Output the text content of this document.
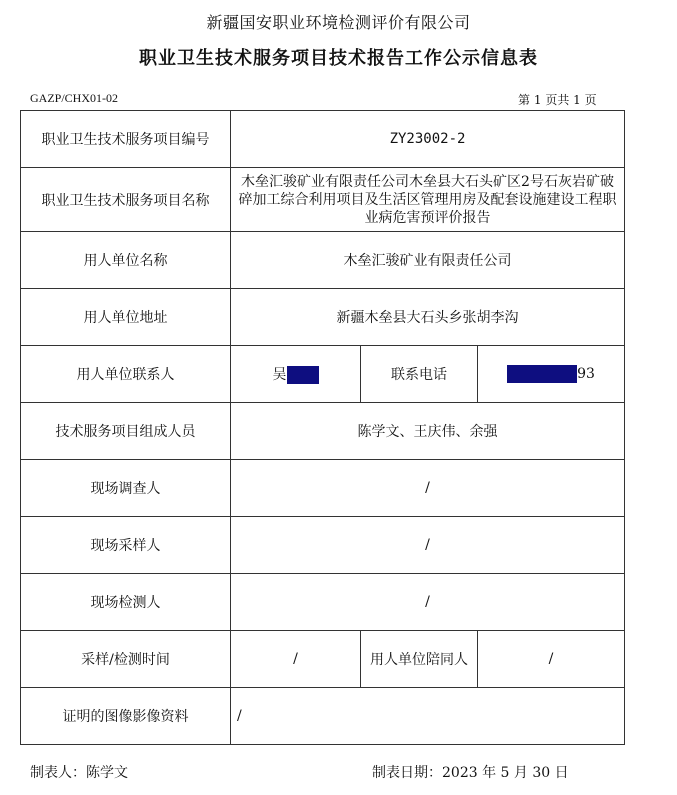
新疆国安职业环境检测评价有限公司
职业卫生技术服务项目技术报告工作公示信息表
GAZP/CHX01-02	第 1 页共 1 页
职业卫生技术服务项目编号	ZY23002-2		
职业卫生技术服务项目名称	木垒汇骏矿业有限责任公司木垒县大石头矿区2号石灰岩矿破碎加工综合利用项目及生活区管理用房及配套设施建设工程职业病危害预评价报告		
用人单位名称	木垒汇骏矿业有限责任公司		
用人单位地址	新疆木垒县大石头乡张胡李沟		
用人单位联系人	吴	联系电话	93
技术服务项目组成人员	陈学文、王庆伟、余强		
现场调查人	/		
现场采样人	/		
现场检测人	/		
采样/检测时间	/	用人单位陪同人	/
证明的图像影像资料	/		
制表人：陈学文	制表日期：2023 年 5 月 30 日
